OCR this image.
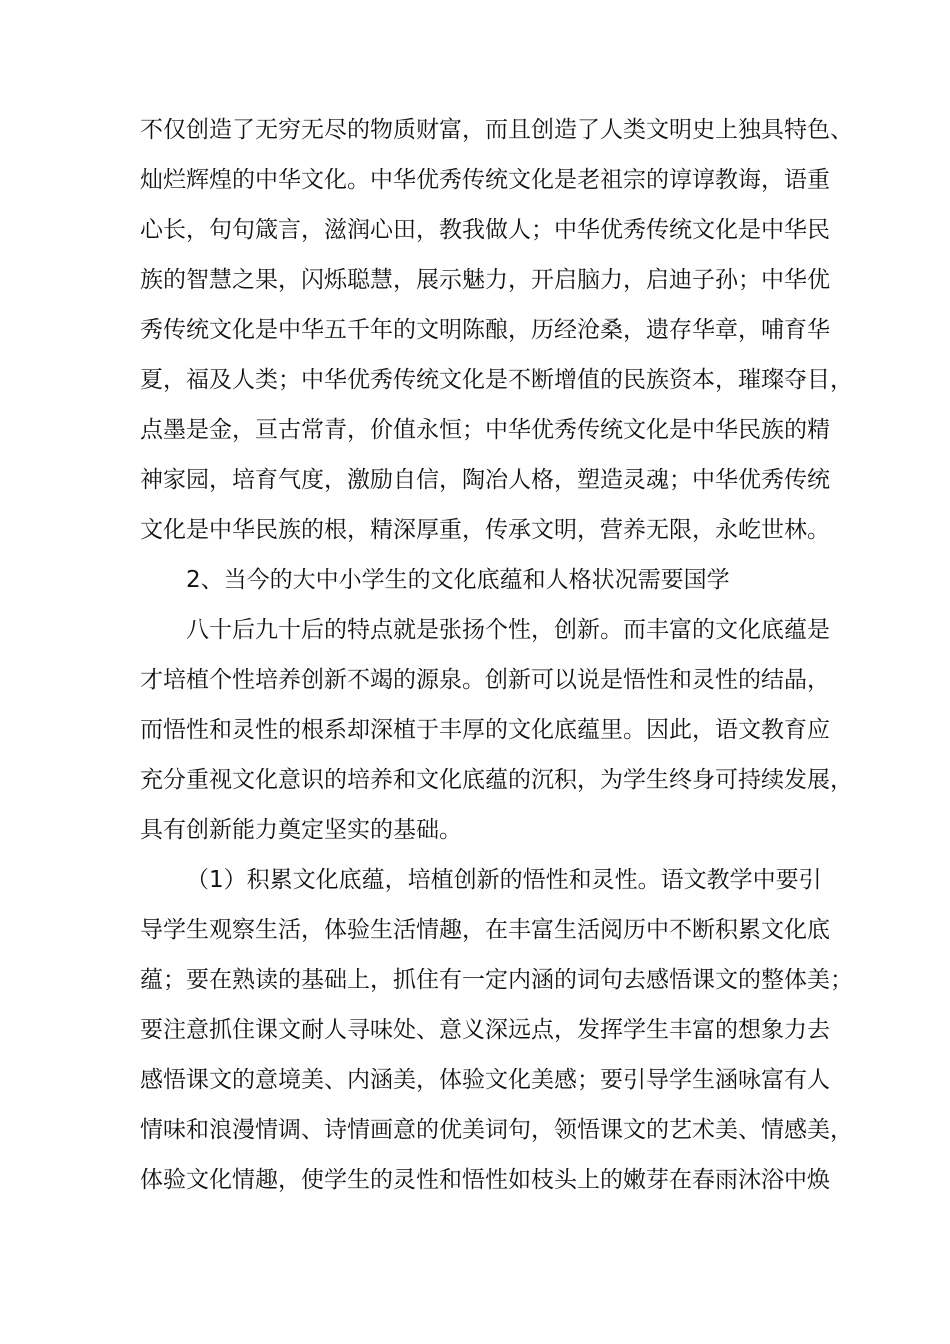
不仅创造了无穷无尽的物质财富，而且创造了人类文明史上独具特色、

灿烂辉煌的中华文化。中华优秀传统文化是老祖宗的谆谆教诲，语重

心长，句句箴言，滋润心田，教我做人；中华优秀传统文化是中华民

族的智慧之果，闪烁聪慧，展示魅力，开启脑力，启迪子孙；中华优

秀传统文化是中华五千年的文明陈酿，历经沧桑，遗存华章，哺育华

夏，福及人类；中华优秀传统文化是不断增值的民族资本，璀璨夺目，

点墨是金，亘古常青，价值永恒；中华优秀传统文化是中华民族的精

神家园，培育气度，激励自信，陶冶人格，塑造灵魂；中华优秀传统

文化是中华民族的根，精深厚重，传承文明，营养无限，永屹世林。

2、当今的大中小学生的文化底蕴和人格状况需要国学

八十后九十后的特点就是张扬个性，创新。而丰富的文化底蕴是

才培植个性培养创新不竭的源泉。创新可以说是悟性和灵性的结晶，

而悟性和灵性的根系却深植于丰厚的文化底蕴里。因此，语文教育应

充分重视文化意识的培养和文化底蕴的沉积，为学生终身可持续发展，

具有创新能力奠定坚实的基础。

（1）积累文化底蕴，培植创新的悟性和灵性。语文教学中要引

导学生观察生活，体验生活情趣，在丰富生活阅历中不断积累文化底

蕴；要在熟读的基础上，抓住有一定内涵的词句去感悟课文的整体美；

要注意抓住课文耐人寻味处、意义深远点，发挥学生丰富的想象力去

感悟课文的意境美、内涵美，体验文化美感；要引导学生涵咏富有人

情味和浪漫情调、诗情画意的优美词句，领悟课文的艺术美、情感美，

体验文化情趣，使学生的灵性和悟性如枝头上的嫩芽在春雨沐浴中焕
